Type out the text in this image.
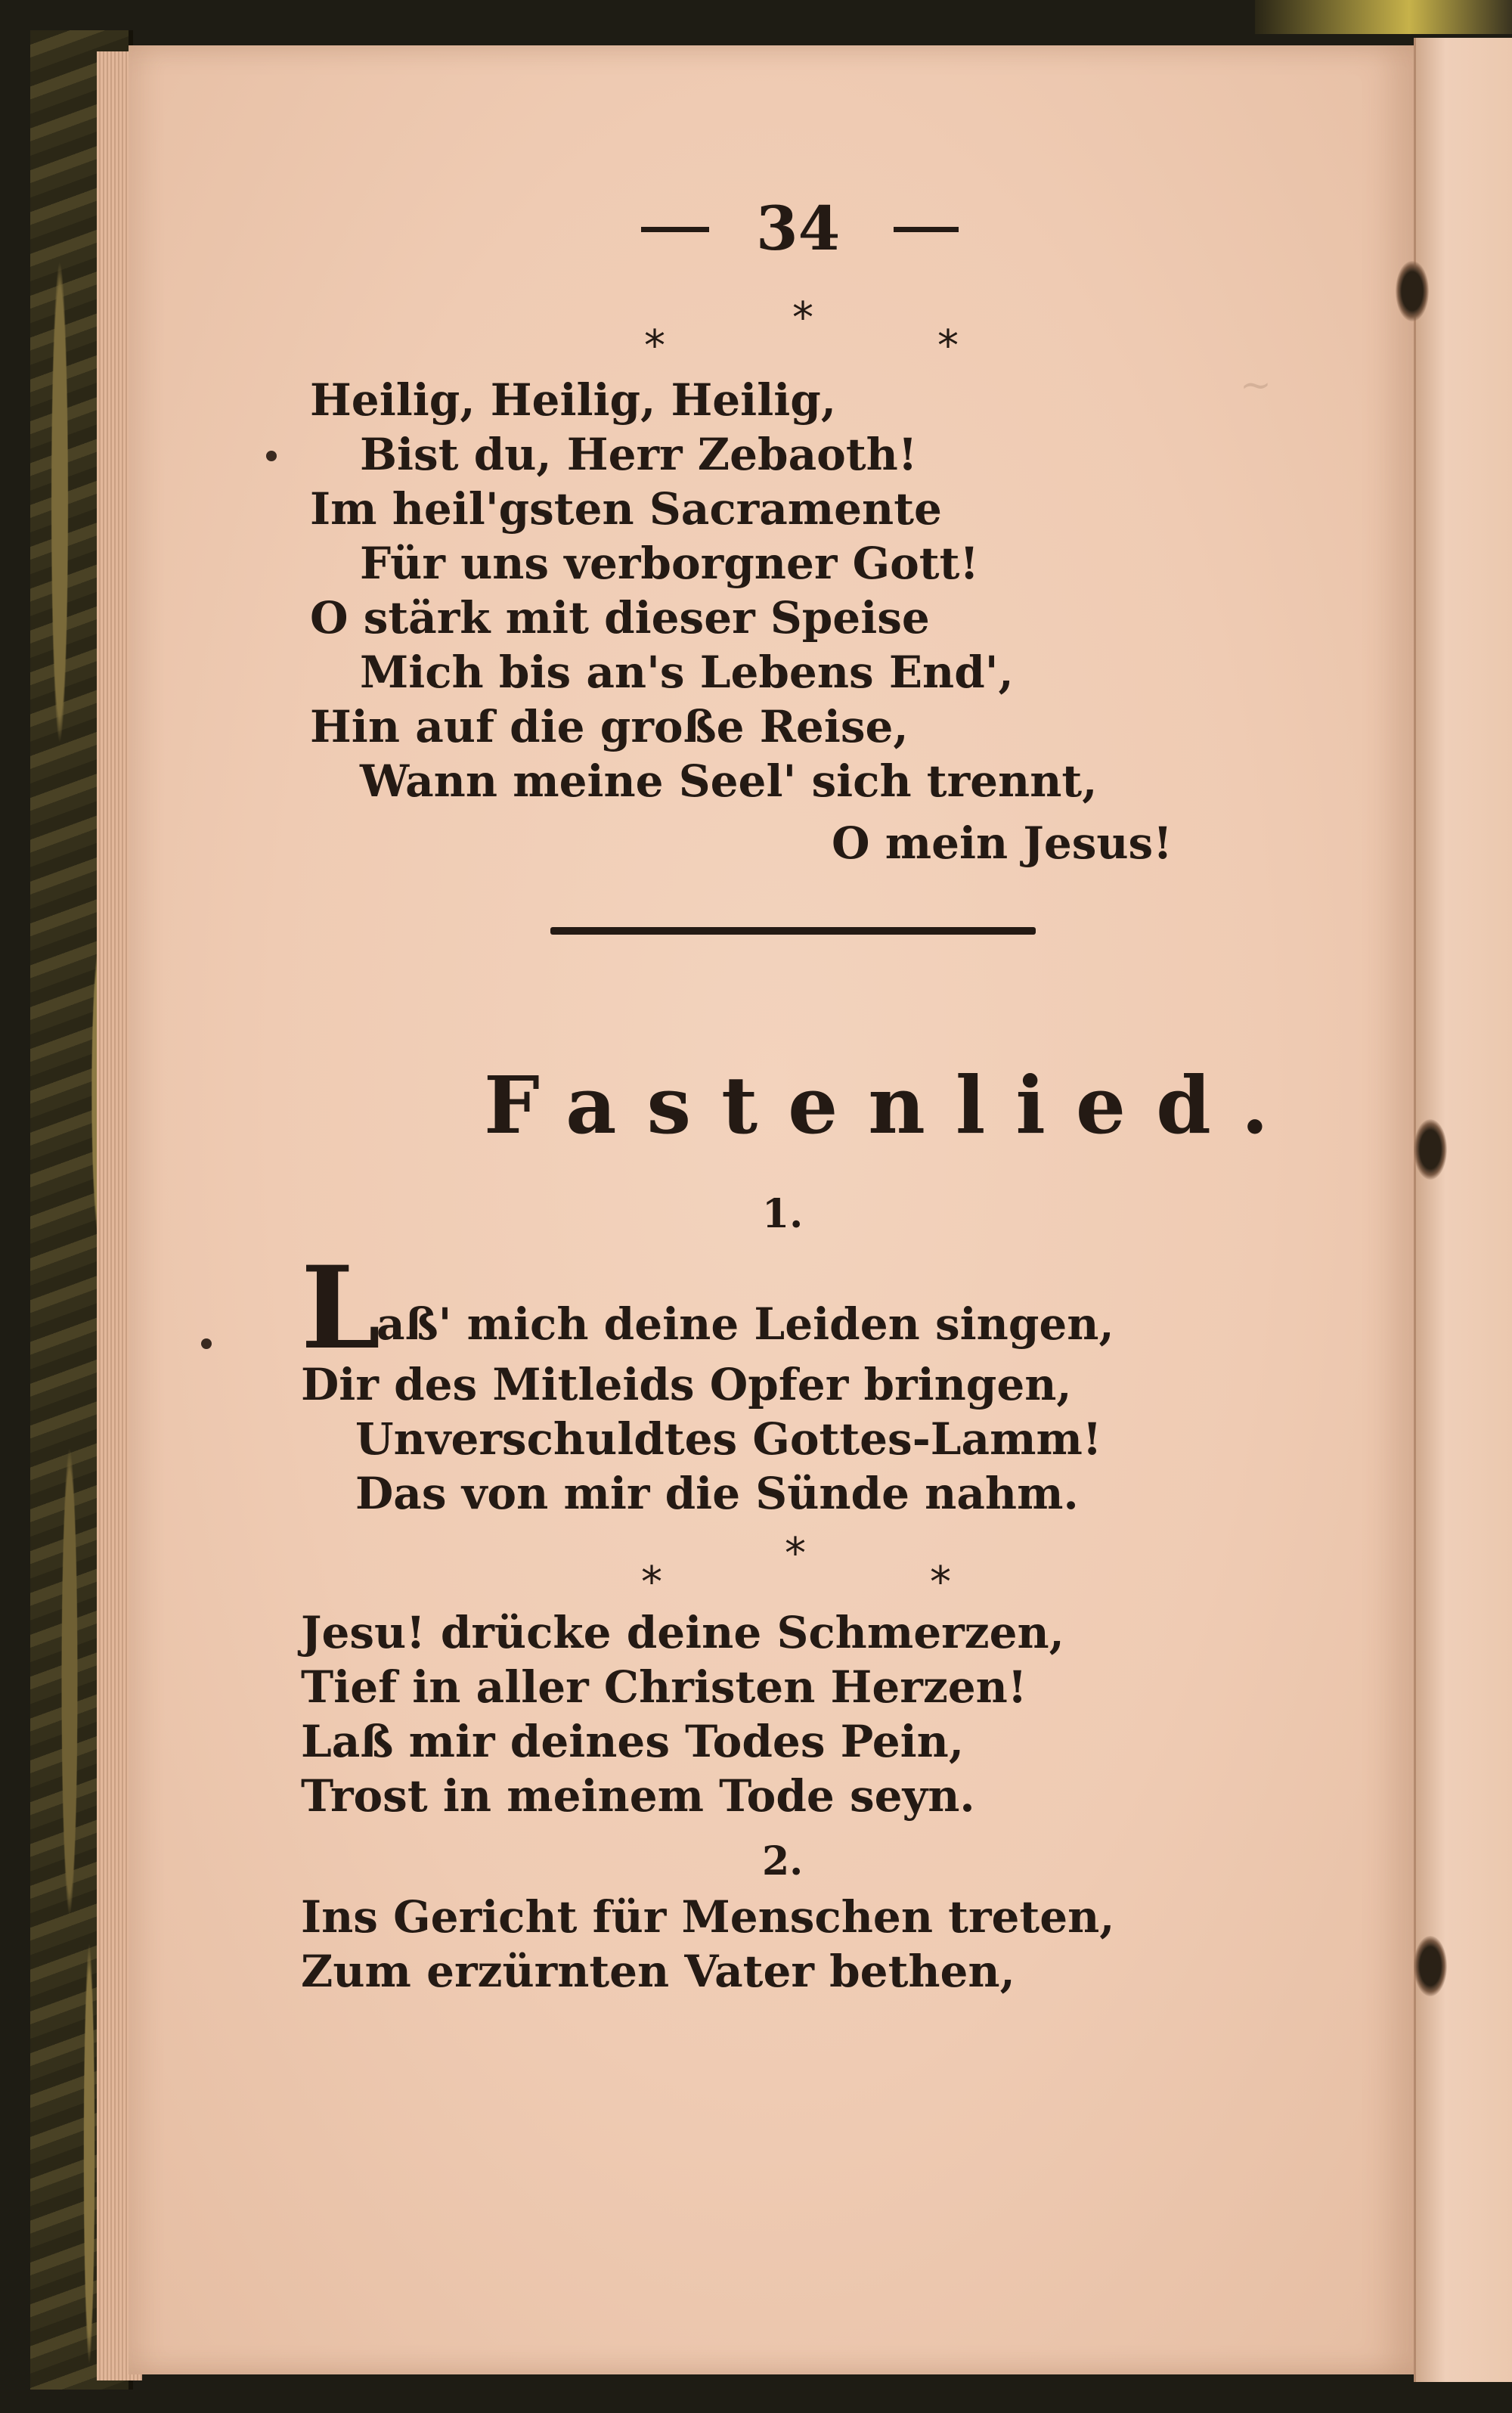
~
34
*
*	*
Heilig, Heilig, Heilig,
Bist du, Herr Zebaoth!
Im heil'gsten Sacramente
Für uns verborgner Gott!
O stärk mit dieser Speise
Mich bis an's Lebens End',
Hin auf die große Reise,
Wann meine Seel' sich trennt,
O mein Jesus!
Fastenlied.
1.
L
aß' mich deine Leiden singen,
Dir des Mitleids Opfer bringen,
Unverschuldtes Gottes-Lamm!
Das von mir die Sünde nahm.
*
*	*
Jesu! drücke deine Schmerzen,
Tief in aller Christen Herzen!
Laß mir deines Todes Pein,
Trost in meinem Tode seyn.
2.
Ins Gericht für Menschen treten,
Zum erzürnten Vater bethen,
